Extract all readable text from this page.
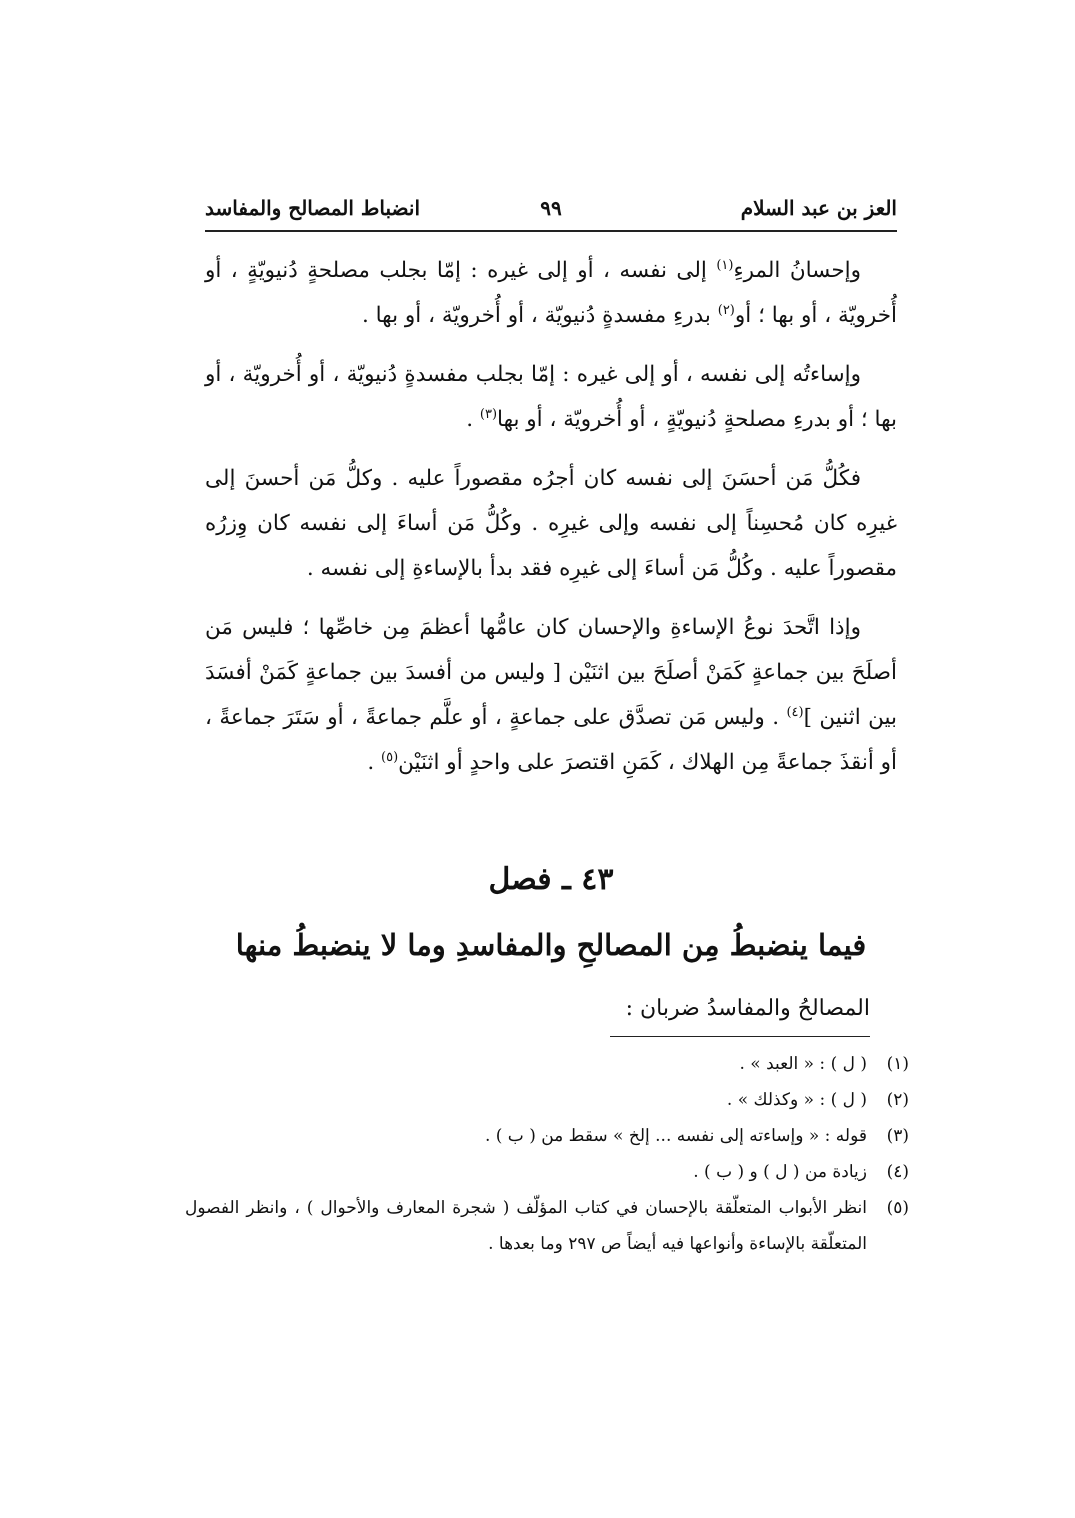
العز بن عبد السلام
٩٩
انضباط المصالح والمفاسد

وإحسانُ المرءِ$^{(١)}$ إلى نفسه ، أو إلى غيره : إمّا بجلب مصلحةٍ دُنيويّةٍ ، أو أُخرويّة ، أو بها ؛ أو$^{(٢)}$ بدرءِ مفسدةٍ دُنيويّة ، أو أُخرويّة ، أو بها .

وإساءتُه إلى نفسه ، أو إلى غيره : إمّا بجلب مفسدةٍ دُنيويّة ، أو أُخرويّة ، أو بها ؛ أو بدرءِ مصلحةٍ دُنيويّةٍ ، أو أُخرويّة ، أو بها$^{(٣)}$ .

فكُلُّ مَن أحسَنَ إلى نفسه كان أجرُه مقصوراً عليه . وكلُّ مَن أحسنَ إلى غيرِه كان مُحسِناً إلى نفسه وإلى غيرِه . وكُلُّ مَن أساءَ إلى نفسه كان وِزرُه مقصوراً عليه . وكُلُّ مَن أساءَ إلى غيرِه فقد بدأ بالإساءةِ إلى نفسه .

وإذا اتَّحدَ نوعُ الإساءةِ والإحسان كان عامُّها أعظمَ مِن خاصِّها ؛ فليس مَن أصلَحَ بين جماعةٍ كَمَنْ أصلَحَ بين اثنَيْن [ وليس من أفسدَ بين جماعةٍ كَمَنْ أفسَدَ بين اثنين ]$^{(٤)}$ . وليس مَن تصدَّق على جماعةٍ ، أو علَّم جماعةً ، أو سَتَرَ جماعةً ، أو أنقذَ جماعةً مِن الهلاك ، كَمَنِ اقتصرَ على واحدٍ أو اثنَيْن$^{(٥)}$ .

٤٣ ـ فصل
فيما ينضبطُ مِن المصالحِ والمفاسدِ وما لا ينضبطُ منها
المصالحُ والمفاسدُ ضربان :
(١)
( ل ) : « العبد » .
(٢)
( ل ) : « وكذلك » .
(٣)
قوله : « وإساءته إلى نفسه ... إلخ » سقط من ( ب ) .
(٤)
زيادة من ( ل ) و ( ب ) .
(٥)
انظر الأبواب المتعلّقة بالإحسان في كتاب المؤلّف ( شجرة المعارف والأحوال ) ، وانظر الفصول المتعلّقة بالإساءة وأنواعها فيه أيضاً ص ٢٩٧ وما بعدها .
